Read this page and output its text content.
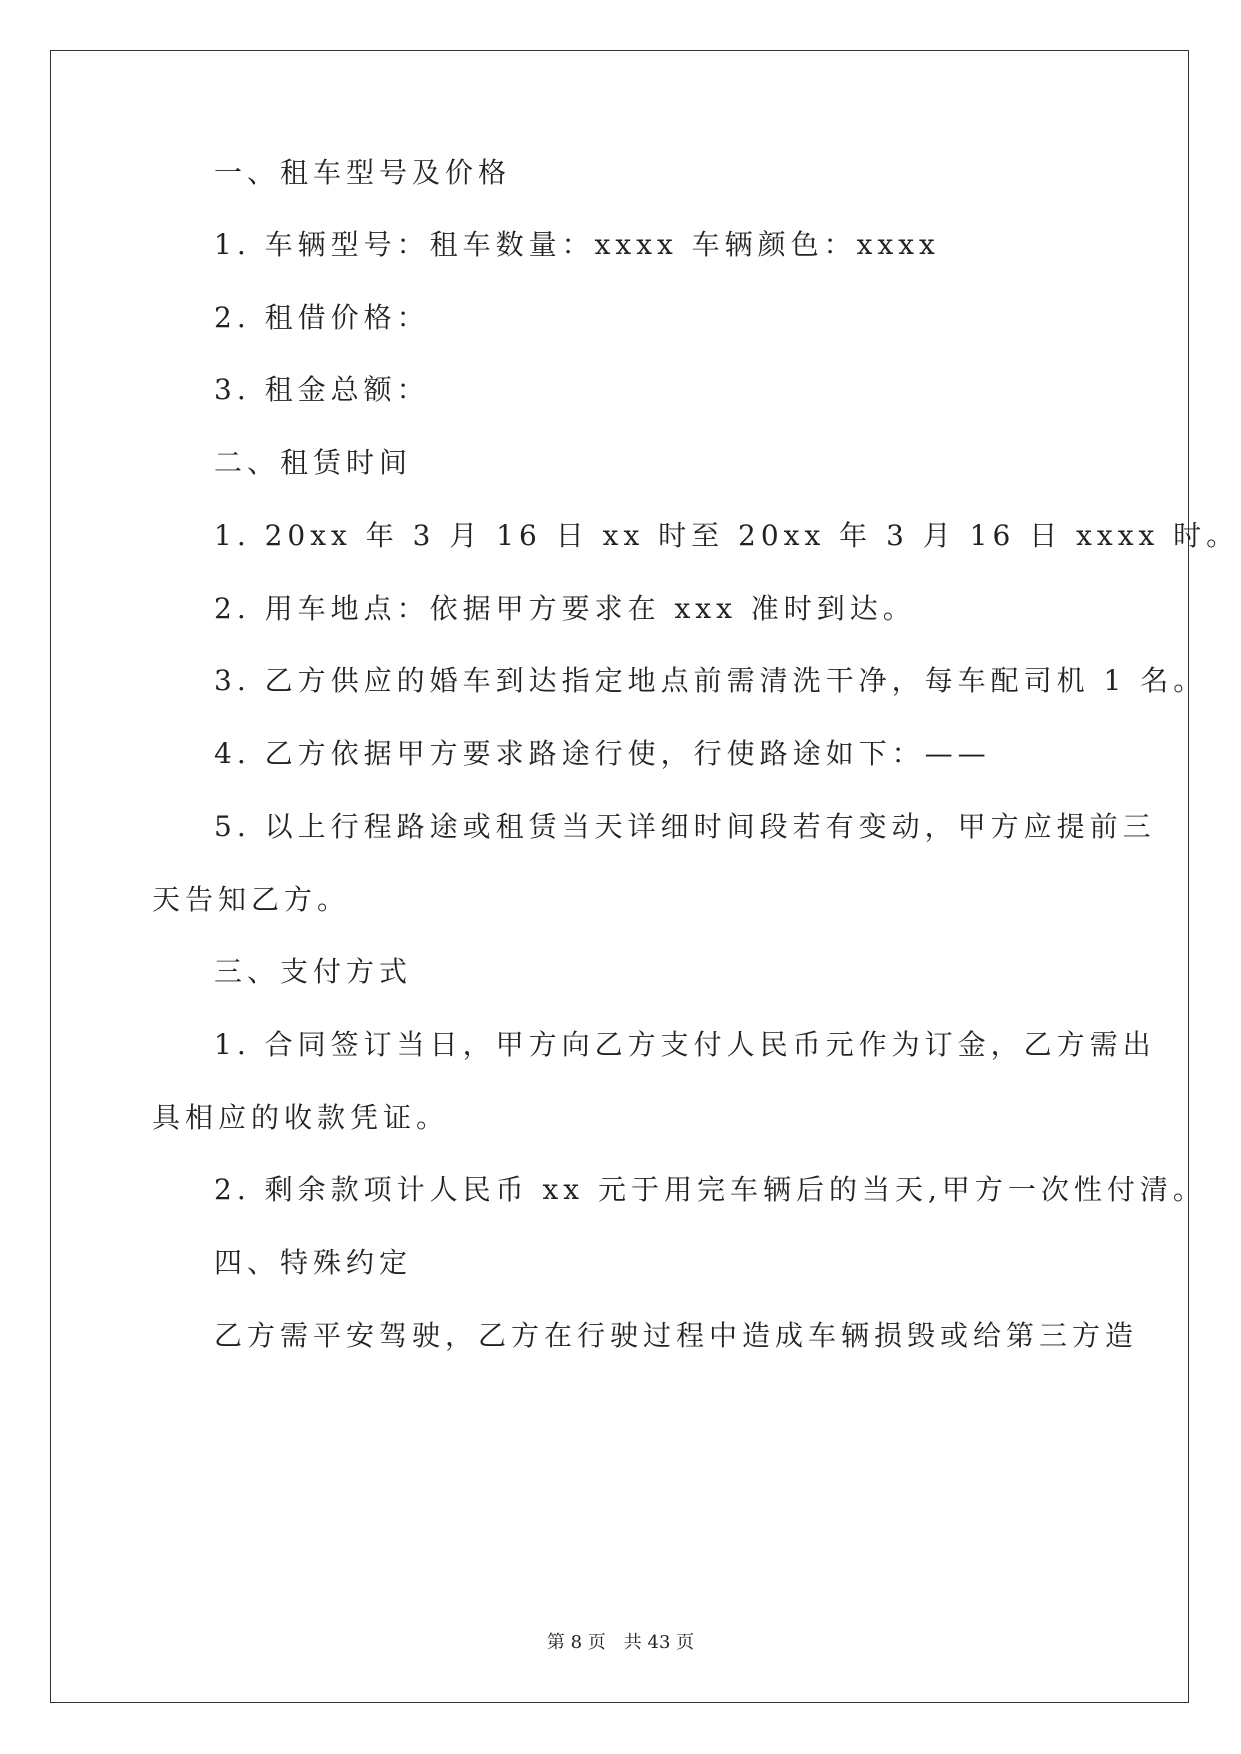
一、租车型号及价格
1. 车辆型号：租车数量：xxxx 车辆颜色：xxxx
2. 租借价格：
3. 租金总额：
二、租赁时间
1. 20xx 年 3 月 16 日 xx 时至 20xx 年 3 月 16 日 xxxx 时。
2. 用车地点：依据甲方要求在 xxx 准时到达。
3. 乙方供应的婚车到达指定地点前需清洗干净，每车配司机 1 名。
4. 乙方依据甲方要求路途行使，行使路途如下：——
5. 以上行程路途或租赁当天详细时间段若有变动，甲方应提前三
天告知乙方。
三、支付方式
1. 合同签订当日，甲方向乙方支付人民币元作为订金，乙方需出
具相应的收款凭证。
2. 剩余款项计人民币 xx 元于用完车辆后的当天,甲方一次性付清。
四、特殊约定
乙方需平安驾驶，乙方在行驶过程中造成车辆损毁或给第三方造
第 8 页 共 43 页
